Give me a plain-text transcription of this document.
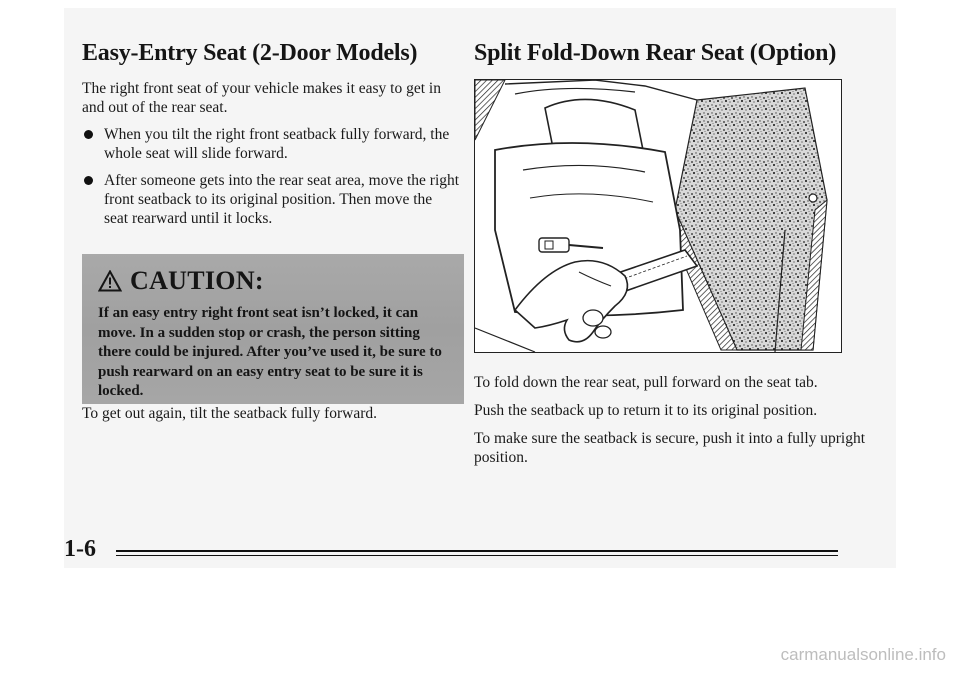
Easy-Entry Seat (2-Door Models)

The right front seat of your vehicle makes it easy to get in and out of the rear seat.

When you tilt the right front seatback fully forward, the whole seat will slide forward.
After someone gets into the rear seat area, move the right front seatback to its original position. Then move the seat rearward until it locks.
CAUTION:

If an easy entry right front seat isn’t locked, it can move. In a sudden stop or crash, the person sitting there could be injured. After you’ve used it, be sure to push rearward on an easy entry seat to be sure it is locked.

To get out again, tilt the seatback fully forward.

Split Fold-Down Rear Seat (Option)

To fold down the rear seat, pull forward on the seat tab.

Push the seatback up to return it to its original position.

To make sure the seatback is secure, push it into a fully upright position.

1-6
carmanualsonline.info
